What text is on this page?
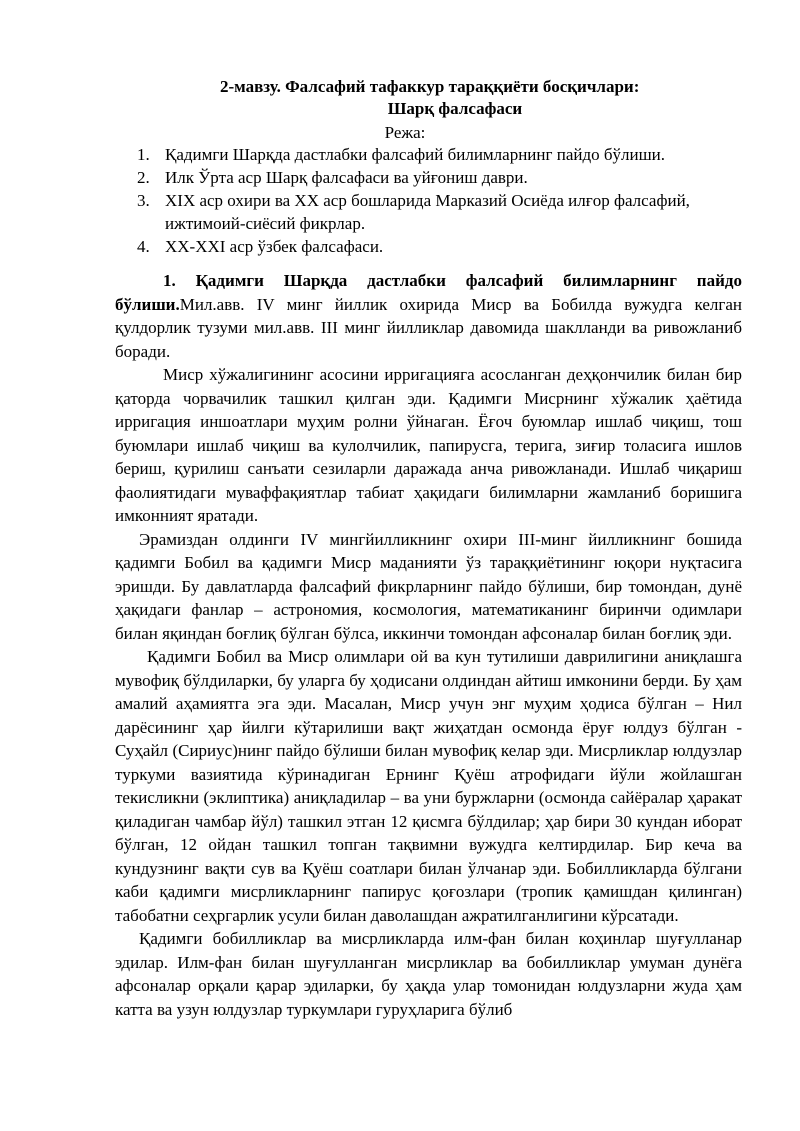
2-мавзу. Фалсафий тафаккур тараққиёти босқичлари:
Шарқ фалсафаси
Режа:
1. Қадимги Шарқда дастлабки фалсафий билимларнинг пайдо бўлиши.
2. Илк Ўрта аср Шарқ фалсафаси ва уйғониш даври.
3. XIX аср охири ва XX аср бошларида Марказий Осиёда илғор фалсафий, ижтимоий-сиёсий фикрлар.
4. XX-XXI аср ўзбек фалсафаси.

1. Қадимги Шарқда дастлабки фалсафий билимларнинг пайдо бўлиши.Мил.авв. IV минг йиллик охирида Миср ва Бобилда вужудга келган қулдорлик тузуми мил.авв. III минг йилликлар давомида шаклланди ва ривожланиб боради.

Миср хўжалигининг асосини ирригацияга асосланган деҳқончилик билан бир қаторда чорвачилик ташкил қилган эди. Қадимги Мисрнинг хўжалик ҳаётида ирригация иншоатлари муҳим ролни ўйнаган. Ёғоч буюмлар ишлаб чиқиш, тош буюмлари ишлаб чиқиш ва кулолчилик, папирусга, терига, зиғир толасига ишлов бериш, қурилиш санъати сезиларли даражада анча ривожланади. Ишлаб чиқариш фаолиятидаги муваффақиятлар табиат ҳақидаги билимларни жамланиб боришига имконният яратади.

Эрамиздан олдинги IV мингйилликнинг охири III-минг йилликнинг бошида қадимги Бобил ва қадимги Миср маданияти ўз тараққиётининг юқори нуқтасига эришди. Бу давлатларда фалсафий фикрларнинг пайдо бўлиши, бир томондан, дунё ҳақидаги фанлар – астрономия, космология, математиканинг биринчи одимлари билан яқиндан боғлиқ бўлган бўлса, иккинчи томондан афсоналар билан боғлиқ эди.

Қадимги Бобил ва Миср олимлари ой ва кун тутилиши даврилигини аниқлашга мувофиқ бўлдиларки, бу уларга бу ҳодисани олдиндан айтиш имконини берди. Бу ҳам амалий аҳамиятга эга эди. Масалан, Миср учун энг муҳим ҳодиса бўлган – Нил дарёсининг ҳар йилги кўтарилиши вақт жиҳатдан осмонда ёруғ юлдуз бўлган - Суҳайл (Сириус)нинг пайдо бўлиши билан мувофиқ келар эди. Мисрликлар юлдузлар туркуми вазиятида кўринадиган Ернинг Қуёш атрофидаги йўли жойлашган текисликни (эклиптика) аниқладилар – ва уни буржларни (осмонда сайёралар ҳаракат қиладиган чамбар йўл) ташкил этган 12 қисмга бўлдилар; ҳар бири 30 кундан иборат бўлган, 12 ойдан ташкил топган тақвимни вужудга келтирдилар. Бир кеча ва кундузнинг вақти сув ва Қуёш соатлари билан ўлчанар эди. Бобилликларда бўлгани каби қадимги мисрликларнинг папирус қоғозлари (тропик қамишдан қилинган) табобатни сеҳргарлик усули билан даволашдан ажратилганлигини кўрсатади.

Қадимги бобилликлар ва мисрликларда илм-фан билан коҳинлар шуғулланар эдилар. Илм-фан билан шуғулланган мисрликлар ва бобилликлар умуман дунёга афсоналар орқали қарар эдиларки, бу ҳақда улар томонидан юлдузларни жуда ҳам катта ва узун юлдузлар туркумлари гуруҳларига бўлиб
